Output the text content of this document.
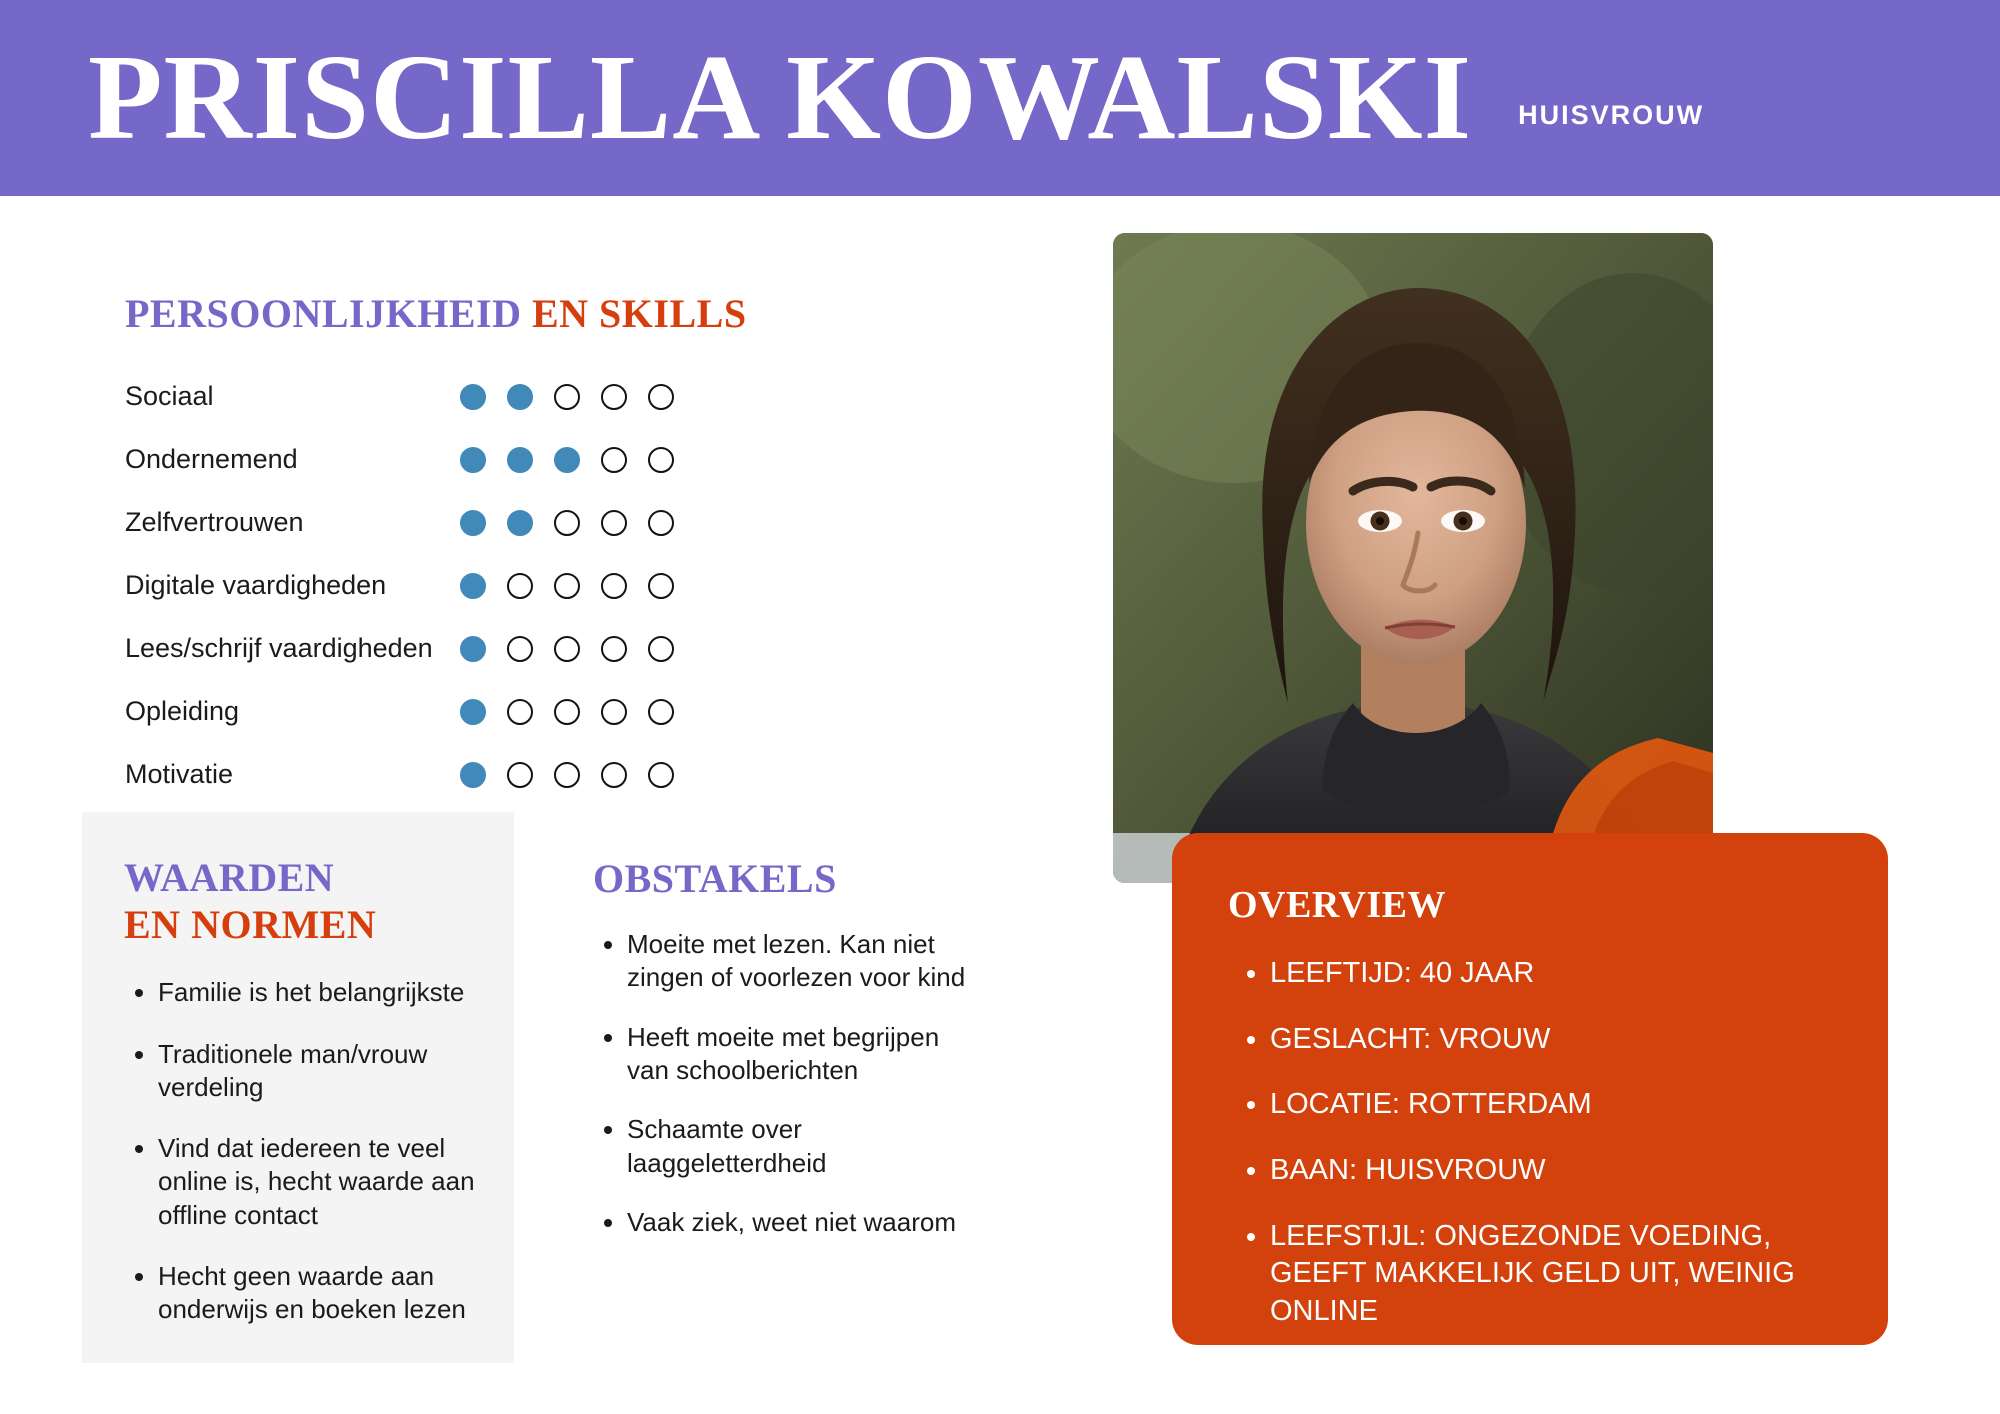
PRISCILLA KOWALSKI HUISVROUW
PERSOONLIJKHEID EN SKILLS
Sociaal
Ondernemend
Zelfvertrouwen
Digitale vaardigheden
Lees/schrijf vaardigheden
Opleiding
Motivatie
WAARDEN
EN NORMEN
• Familie is het belangrijkste
• Traditionele man/vrouw verdeling
• Vind dat iedereen te veel online is, hecht waarde aan offline contact
• Hecht geen waarde aan onderwijs en boeken lezen
OBSTAKELS
• Moeite met lezen. Kan niet zingen of voorlezen voor kind
• Heeft moeite met begrijpen van schoolberichten
• Schaamte over laaggeletterdheid
• Vaak ziek, weet niet waarom
OVERVIEW
• LEEFTIJD: 40 JAAR
• GESLACHT: VROUW
• LOCATIE: ROTTERDAM
• BAAN: HUISVROUW
• LEEFSTIJL: ONGEZONDE VOEDING, GEEFT MAKKELIJK GELD UIT, WEINIG ONLINE
